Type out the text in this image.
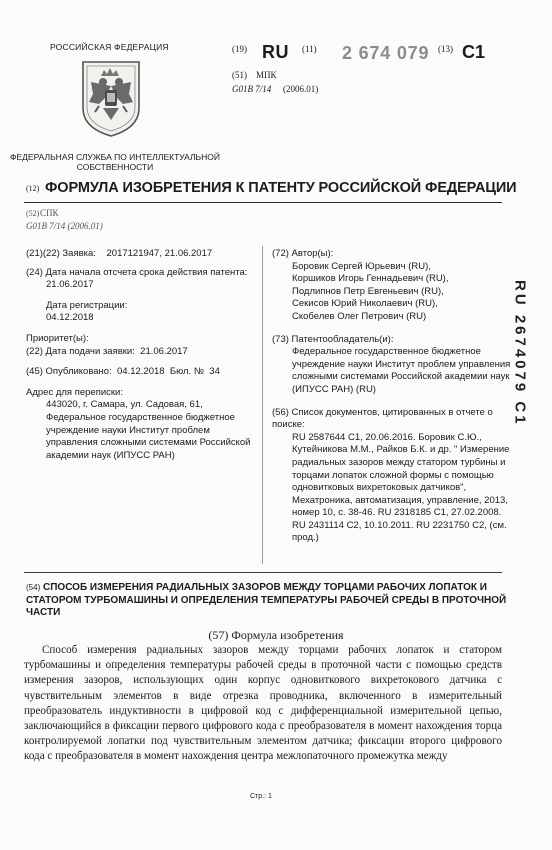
РОССИЙСКАЯ ФЕДЕРАЦИЯ
ФЕДЕРАЛЬНАЯ СЛУЖБА ПО ИНТЕЛЛЕКТУАЛЬНОЙ СОБСТВЕННОСТИ
(19) RU (11) 2 674 079 (13) C1
(51) МПК
G01B 7/14 (2006.01)
(12) ФОРМУЛА ИЗОБРЕТЕНИЯ К ПАТЕНТУ РОССИЙСКОЙ ФЕДЕРАЦИИ
(52) СПК
G01B 7/14 (2006.01)

(21)(22) Заявка: 2017121947, 21.06.2017

(24) Дата начала отсчета срока действия патента:

21.06.2017

Дата регистрации:

04.12.2018

Приоритет(ы):

(22) Дата подачи заявки: 21.06.2017

(45) Опубликовано: 04.12.2018 Бюл. № 34

Адрес для переписки:

443020, г. Самара, ул. Садовая, 61, Федеральное государственное бюджетное учреждение науки Институт проблем управления сложными системами Российской академии наук (ИПУСС РАН)

(72) Автор(ы):

Боровик Сергей Юрьевич (RU),

Коршиков Игорь Геннадьевич (RU),

Подлипнов Петр Евгеньевич (RU),

Секисов Юрий Николаевич (RU),

Скобелев Олег Петрович (RU)

(73) Патентообладатель(и):

Федеральное государственное бюджетное учреждение науки Институт проблем управления сложными системами Российской академии наук (ИПУСС РАН) (RU)

(56) Список документов, цитированных в отчете о поиске:

RU 2587644 C1, 20.06.2016. Боровик С.Ю., Кутейникова М.М., Райков Б.К. и др. " Измерение радиальных зазоров между статором турбины и торцами лопаток сложной формы с помощью одновитковых вихретоковых датчиков", Мехатроника, автоматизация, управление, 2013, номер 10, с. 38-46. RU 2318185 C1, 27.02.2008. RU 2431114 C2, 10.10.2011. RU 2231750 C2, (см. прод.)

RU 2674079 C1
(54) СПОСОБ ИЗМЕРЕНИЯ РАДИАЛЬНЫХ ЗАЗОРОВ МЕЖДУ ТОРЦАМИ РАБОЧИХ ЛОПАТОК И СТАТОРОМ ТУРБОМАШИНЫ И ОПРЕДЕЛЕНИЯ ТЕМПЕРАТУРЫ РАБОЧЕЙ СРЕДЫ В ПРОТОЧНОЙ ЧАСТИ
(57) Формула изобретения

Способ измерения радиальных зазоров между торцами рабочих лопаток и статором турбомашины и определения температуры рабочей среды в проточной части с помощью средств измерения зазоров, использующих один корпус одновиткового вихретокового датчика с чувствительным элементов в виде отрезка проводника, включенного в измерительный преобразователь индуктивности в цифровой код с дифференциальной измерительной цепью, заключающийся в фиксации первого цифрового кода с преобразователя в момент нахождения торца контролируемой лопатки под чувствительным элементом датчика; фиксации второго цифрового кода с преобразователя в момент нахождения центра межлопаточного промежутка между

Стр.: 1
